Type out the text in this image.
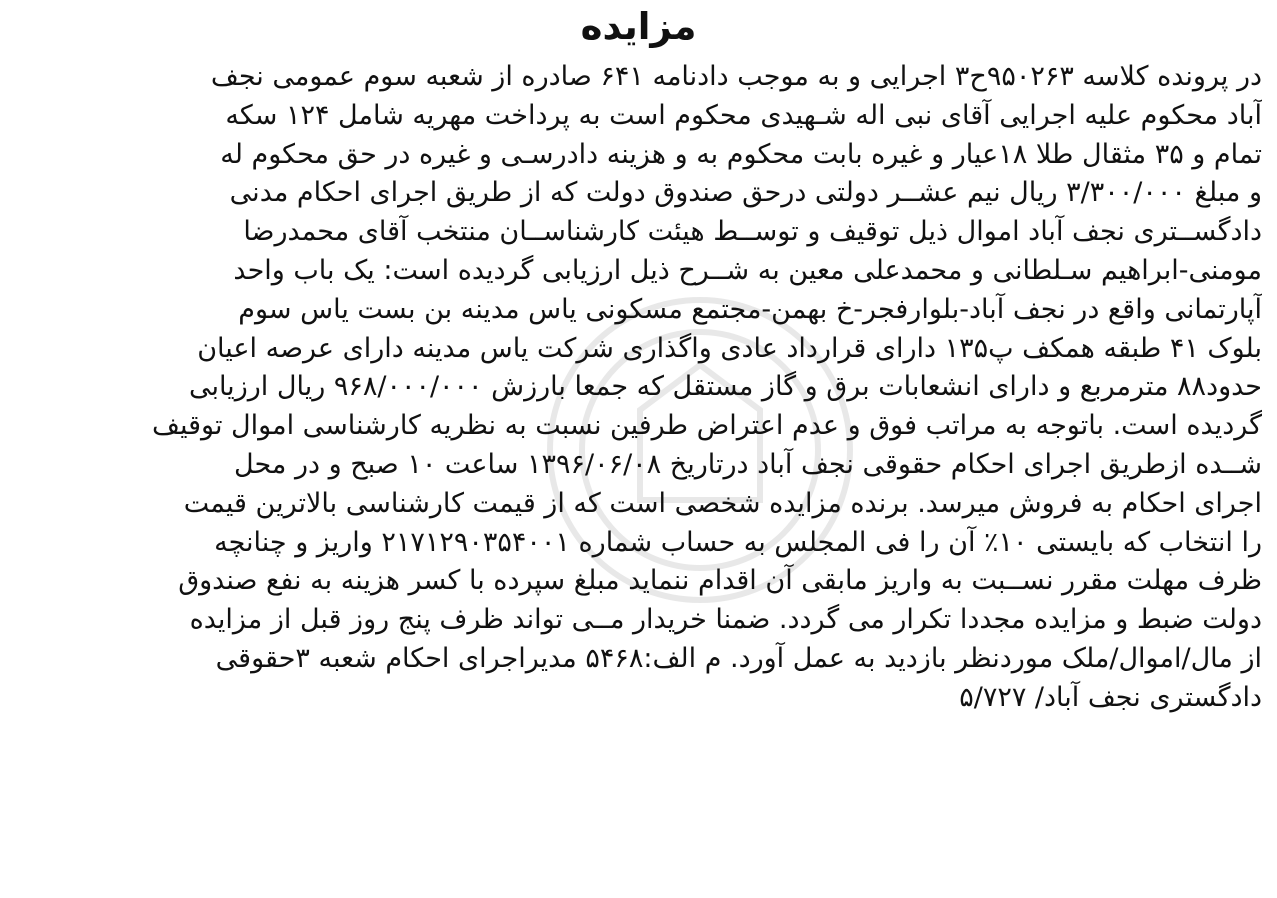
مزایده
در پرونده کلاسه ۹۵۰۲۶۳ح۳ اجرایی و به موجب دادنامه ۶۴۱ صادره از شعبه سوم عمومی نجف
آباد محکوم علیه اجرایی آقای نبی اله شـهیدی محکوم است به پرداخت مهریه شامل ۱۲۴ سکه
تمام و ۳۵ مثقال طلا ۱۸عیار و غیره بابت محکوم به و هزینه دادرسـی و غیره در حق محکوم له
و مبلغ ۳/۳۰۰/۰۰۰ ریال نیم عشــر دولتی درحق صندوق دولت که از طریق اجرای احکام مدنی
دادگســتری نجف آباد اموال ذیل توقیف و توســط هیئت کارشناســان منتخب آقای محمدرضا
مومنی-ابراهیم سـلطانی و محمدعلی معین به شــرح ذیل ارزیابی گردیده است: یک باب واحد
آپارتمانی واقع در نجف آباد-بلوارفجر-خ بهمن-مجتمع مسکونی یاس مدینه بن بست یاس سوم
بلوک ۴۱ طبقه همکف پ۱۳۵ دارای قرارداد عادی واگذاری شرکت یاس مدینه دارای عرصه اعیان
حدود۸۸ مترمربع و دارای انشعابات برق و گاز مستقل که جمعا بارزش ۹۶۸/۰۰۰/۰۰۰ ریال ارزیابی
گردیده است. باتوجه به مراتب فوق و عدم اعتراض طرفین نسبت به نظریه کارشناسی اموال توقیف
شــده ازطریق اجرای احکام حقوقی نجف آباد درتاریخ ۱۳۹۶/۰۶/۰۸ ساعت ۱۰ صبح و در محل
اجرای احکام به فروش میرسد. برنده مزایده شخصی است که از قیمت کارشناسی بالاترین قیمت
را انتخاب که بایستی ۱۰٪ آن را فی المجلس به حساب شماره ۲۱۷۱۲۹۰۳۵۴۰۰۱ واریز و چنانچه
ظرف مهلت مقرر نســبت به واریز مابقی آن اقدام ننماید مبلغ سپرده با کسر هزینه به نفع صندوق
دولت ضبط و مزایده مجددا تکرار می گردد. ضمنا خریدار مــی تواند ظرف پنج روز قبل از مزایده
از مال/اموال/ملک موردنظر بازدید به عمل آورد. م الف:۵۴۶۸ مدیراجرای احکام شعبه ۳حقوقی
دادگستری نجف آباد/ ۵/۷۲۷
